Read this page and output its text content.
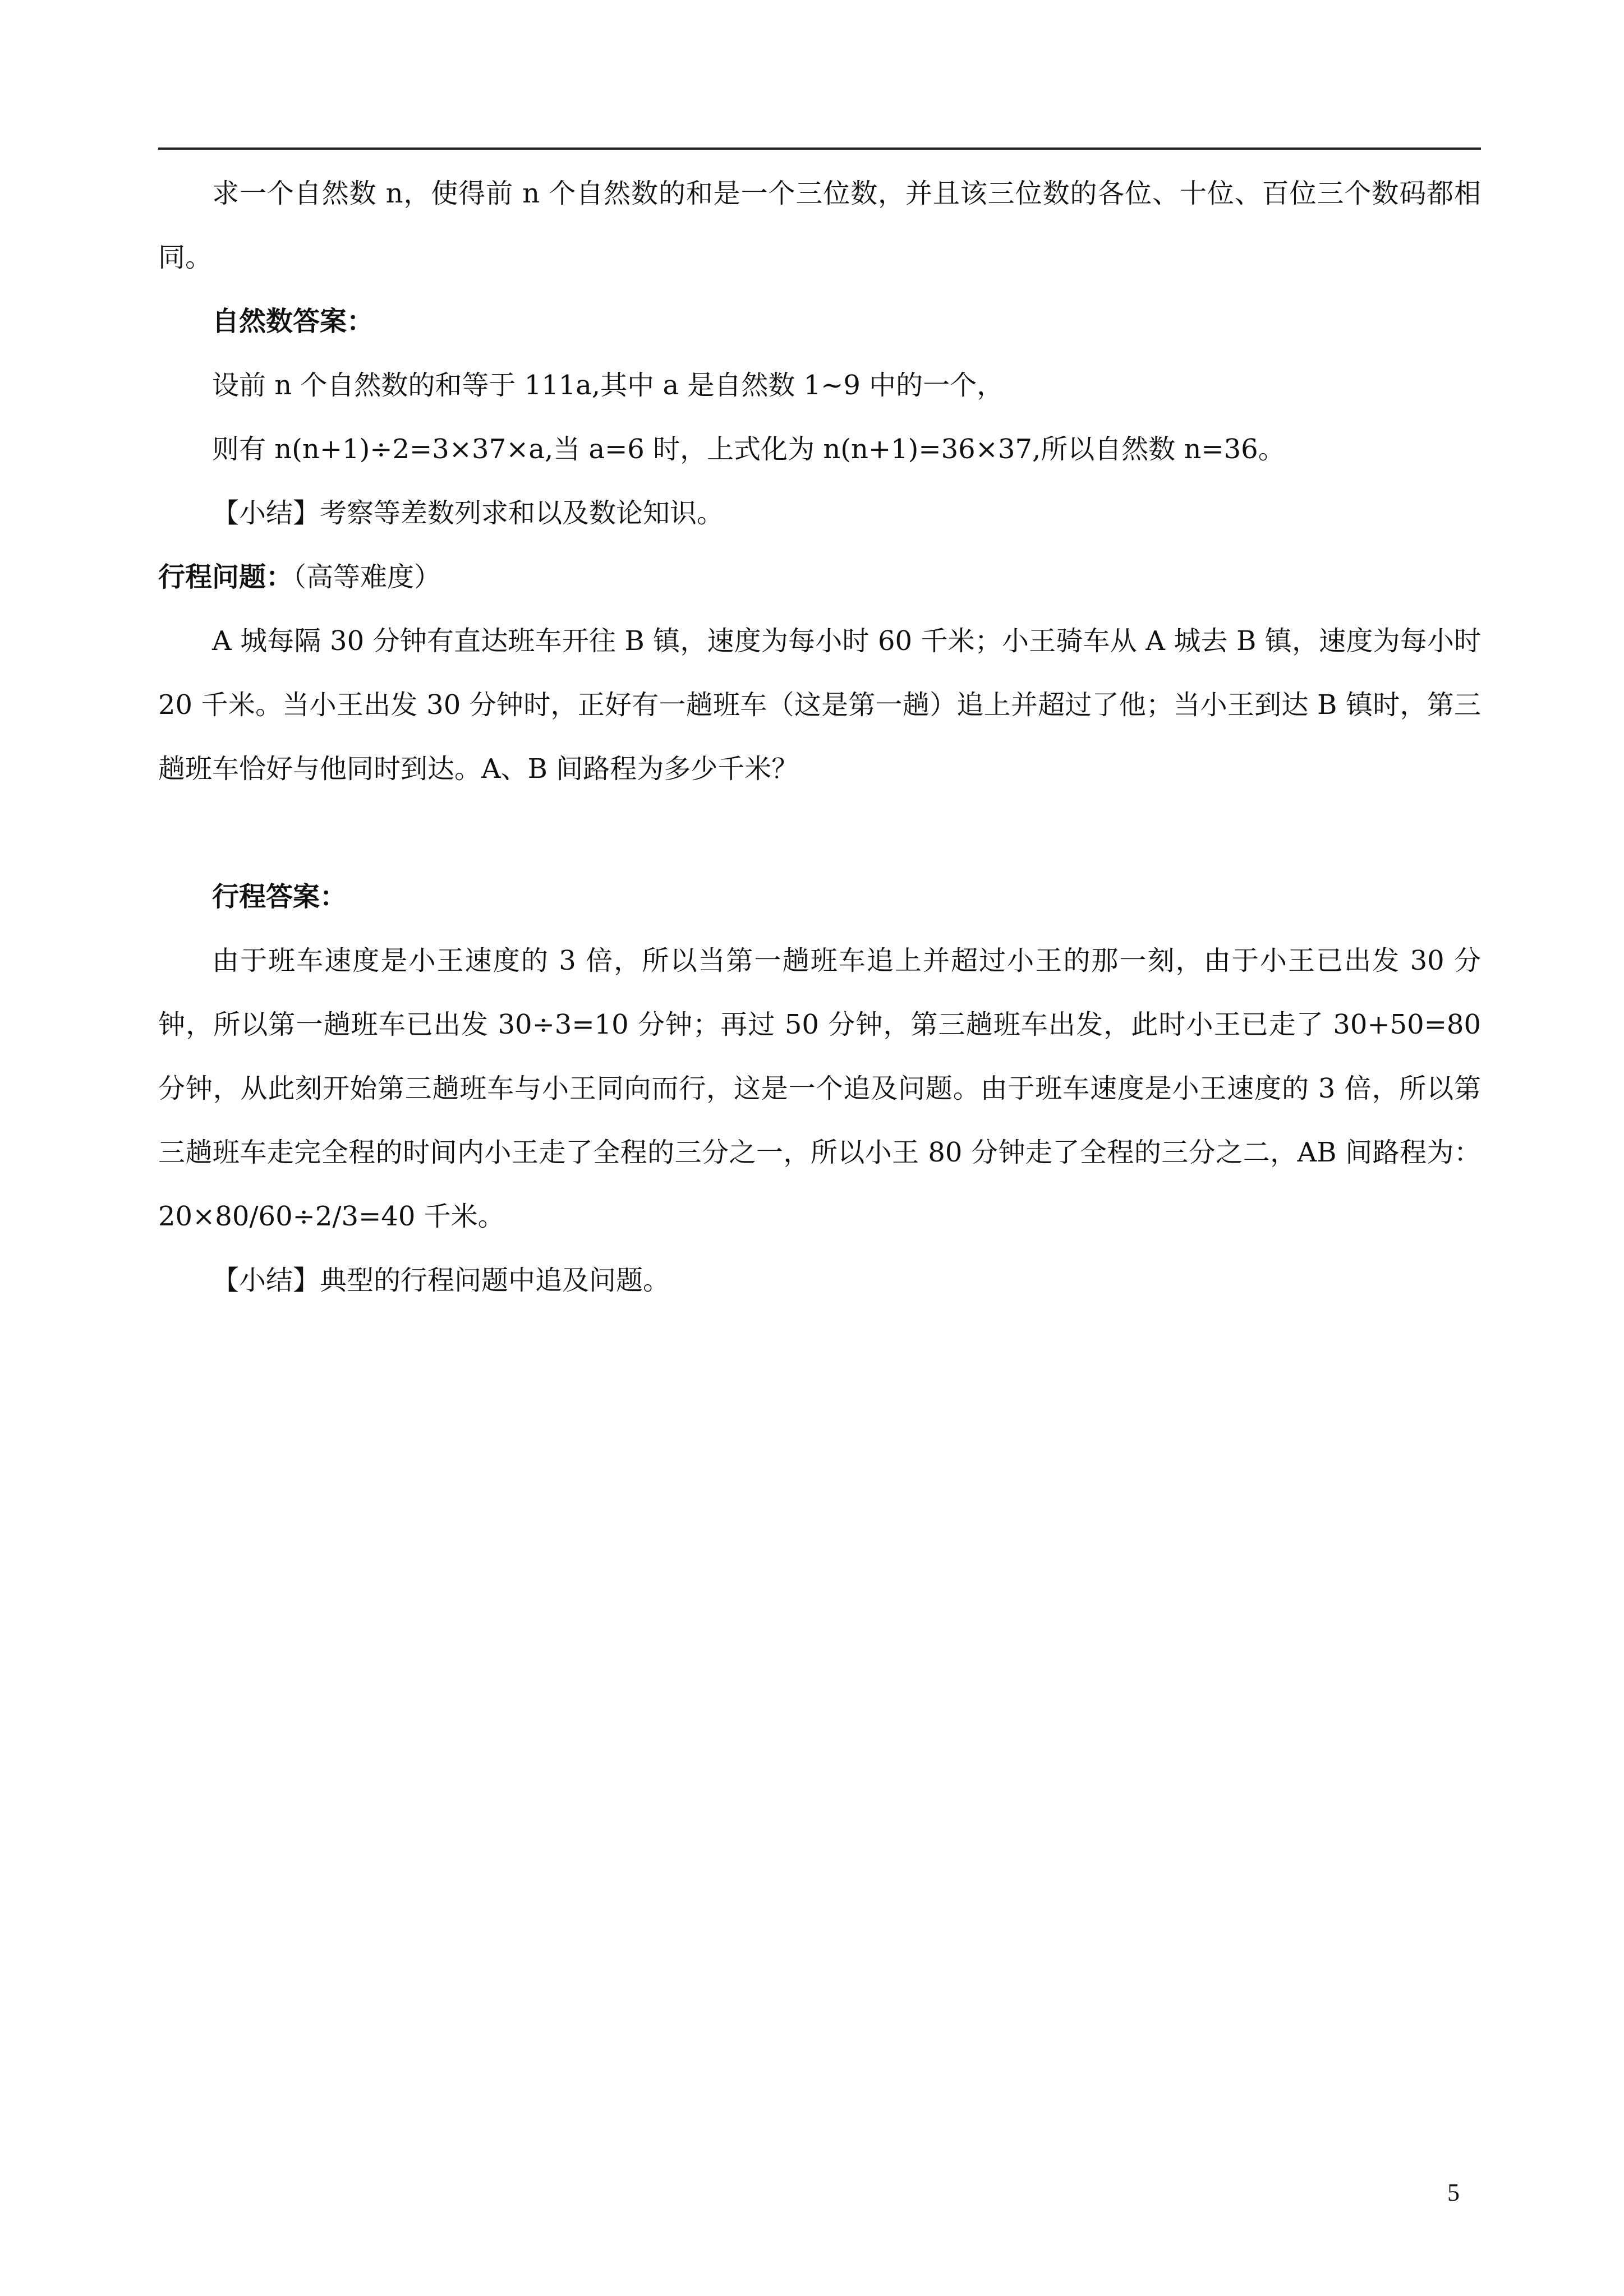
求一个自然数 n，使得前 n 个自然数的和是一个三位数，并且该三位数的各位、十位、百位三个数码都相同。

自然数答案：

设前 n 个自然数的和等于 111a,其中 a 是自然数 1~9 中的一个，

则有 n(n+1)÷2=3×37×a,当 a=6 时，上式化为 n(n+1)=36×37,所以自然数 n=36。

【小结】考察等差数列求和以及数论知识。

行程问题：（高等难度）

A 城每隔 30 分钟有直达班车开往 B 镇，速度为每小时 60 千米；小王骑车从 A 城去 B 镇，速度为每小时 20 千米。当小王出发 30 分钟时，正好有一趟班车（这是第一趟）追上并超过了他；当小王到达 B 镇时，第三趟班车恰好与他同时到达。A、B 间路程为多少千米？

行程答案：

由于班车速度是小王速度的 3 倍，所以当第一趟班车追上并超过小王的那一刻，由于小王已出发 30 分钟，所以第一趟班车已出发 30÷3=10 分钟；再过 50 分钟，第三趟班车出发，此时小王已走了 30+50=80 分钟，从此刻开始第三趟班车与小王同向而行，这是一个追及问题。由于班车速度是小王速度的 3 倍，所以第三趟班车走完全程的时间内小王走了全程的三分之一，所以小王 80 分钟走了全程的三分之二，AB 间路程为：20×80/60÷2/3=40 千米。

【小结】典型的行程问题中追及问题。

5
